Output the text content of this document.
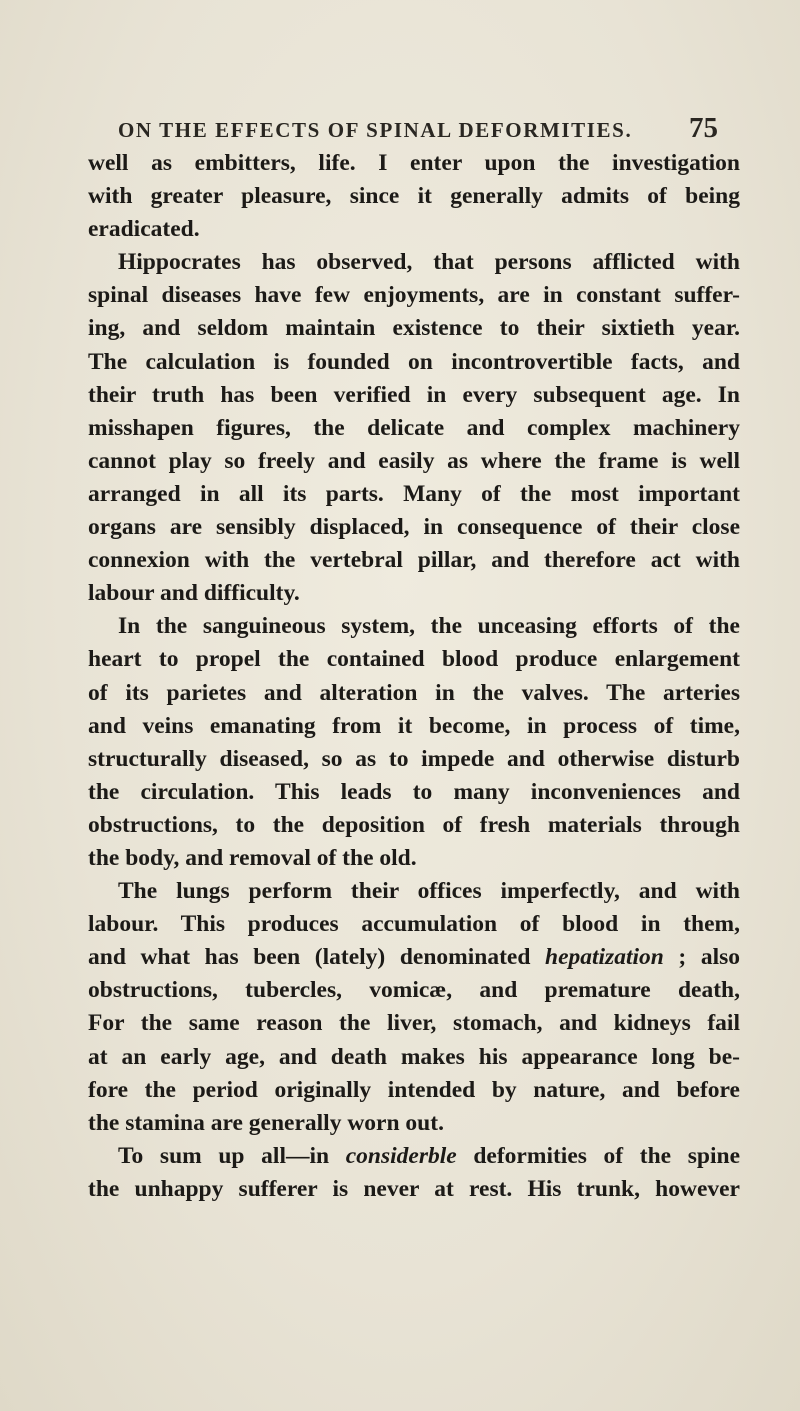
ON THE EFFECTS OF SPINAL DEFORMITIES. 75
well as embitters, life. I enter upon the investigation
with greater pleasure, since it generally admits of being
eradicated.
Hippocrates has observed, that persons afflicted with
spinal diseases have few enjoyments, are in constant suffer-
ing, and seldom maintain existence to their sixtieth year.
The calculation is founded on incontrovertible facts, and
their truth has been verified in every subsequent age. In
misshapen figures, the delicate and complex machinery
cannot play so freely and easily as where the frame is well
arranged in all its parts. Many of the most important
organs are sensibly displaced, in consequence of their close
connexion with the vertebral pillar, and therefore act with
labour and difficulty.
In the sanguineous system, the unceasing efforts of the
heart to propel the contained blood produce enlargement
of its parietes and alteration in the valves. The arteries
and veins emanating from it become, in process of time,
structurally diseased, so as to impede and otherwise disturb
the circulation. This leads to many inconveniences and
obstructions, to the deposition of fresh materials through
the body, and removal of the old.
The lungs perform their offices imperfectly, and with
labour. This produces accumulation of blood in them,
and what has been (lately) denominated hepatization ; also
obstructions, tubercles, vomicæ, and premature death,
For the same reason the liver, stomach, and kidneys fail
at an early age, and death makes his appearance long be-
fore the period originally intended by nature, and before
the stamina are generally worn out.
To sum up all—in considerble deformities of the spine
the unhappy sufferer is never at rest. His trunk, however
